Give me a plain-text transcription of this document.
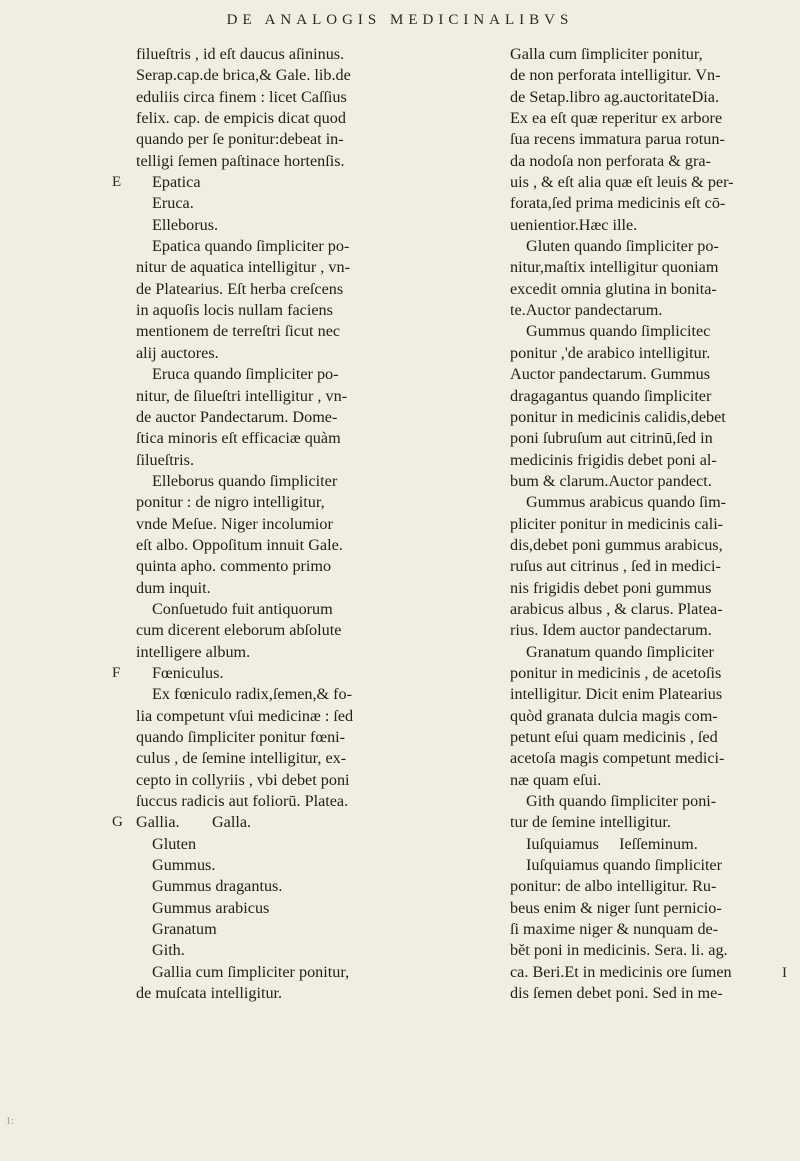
DE ANALOGIS MEDICINALIBVS
E
F
G
I
1:
filueſtris , id eſt daucus aſininus.
Serap.cap.de brica,& Gale. lib.de
eduliis circa finem : licet Caſſius
felix. cap. de empicis dicat quod
quando per ſe ponitur:debeat in-
telligi ſemen paſtinace hortenſis.
Epatica
Eruca.
Elleborus.
Epatica quando ſimpliciter po-
nitur de aquatica intelligitur , vn-
de Platearius. Eſt herba creſcens
in aquoſis locis nullam faciens
mentionem de terreſtri ſicut nec
alij auctores.
Eruca quando ſimpliciter po-
nitur, de ſilueſtri intelligitur , vn-
de auctor Pandectarum. Dome-
ſtica minoris eſt efficaciæ quàm
ſilueſtris.
Elleborus quando ſimpliciter
ponitur : de nigro intelligitur,
vnde Meſue. Niger incolumior
eſt albo. Oppoſitum innuit Gale.
quinta apho. commento primo
dum inquit.
Conſuetudo fuit antiquorum
cum dicerent eleborum abſolute
intelligere album.
Fœniculus.
Ex fœniculo radix,ſemen,& fo-
lia competunt vſui medicinæ : ſed
quando ſimpliciter ponitur fœni-
culus , de ſemine intelligitur, ex-
cepto in collyriis , vbi debet poni
ſuccus radicis aut foliorū. Platea.
Gallia.        Galla.
Gluten
Gummus.
Gummus dragantus.
Gummus arabicus
Granatum
Gith.
Gallia cum ſimpliciter ponitur,
de muſcata intelligitur.
Galla cum ſimpliciter ponitur,
de non perforata intelligitur. Vn-
de Setap.libro ag.auctoritateDia.
Ex ea eſt quæ reperitur ex arbore
ſua recens immatura parua rotun-
da nodoſa non perforata & gra-
uis , & eſt alia quæ eſt leuis & per-
forata,ſed prima medicinis eſt cō-
uenientior.Hæc ille.
Gluten quando ſimpliciter po-
nitur,maſtix intelligitur quoniam
excedit omnia glutina in bonita-
te.Auctor pandectarum.
Gummus quando ſimplicitec
ponitur ,'de arabico intelligitur.
Auctor pandectarum. Gummus
dragagantus quando ſimpliciter
ponitur in medicinis calidis,debet
poni ſubruſum aut citrinū,ſed in
medicinis frigidis debet poni al-
bum & clarum.Auctor pandect.
Gummus arabicus quando ſim-
pliciter ponitur in medicinis cali-
dis,debet poni gummus arabicus,
ruſus aut citrinus , ſed in medici-
nis frigidis debet poni gummus
arabicus albus , & clarus. Platea-
rius. Idem auctor pandectarum.
Granatum quando ſimpliciter
ponitur in medicinis , de acetoſis
intelligitur. Dicit enim Platearius
quòd granata dulcia magis com-
petunt eſui quam medicinis , ſed
acetoſa magis competunt medici-
næ quam eſui.
Gith quando ſimpliciter poni-
tur de ſemine intelligitur.
Iuſquiamus     Ieſſeminum.
Iuſquiamus quando ſimpliciter
ponitur: de albo intelligitur. Ru-
beus enim & niger ſunt pernicio-
ſi maxime niger & nunquam de-
bĕt poni in medicinis. Sera. li. ag.
ca. Beri.Et in medicinis ore ſumen
dis ſemen debet poni. Sed in me-
